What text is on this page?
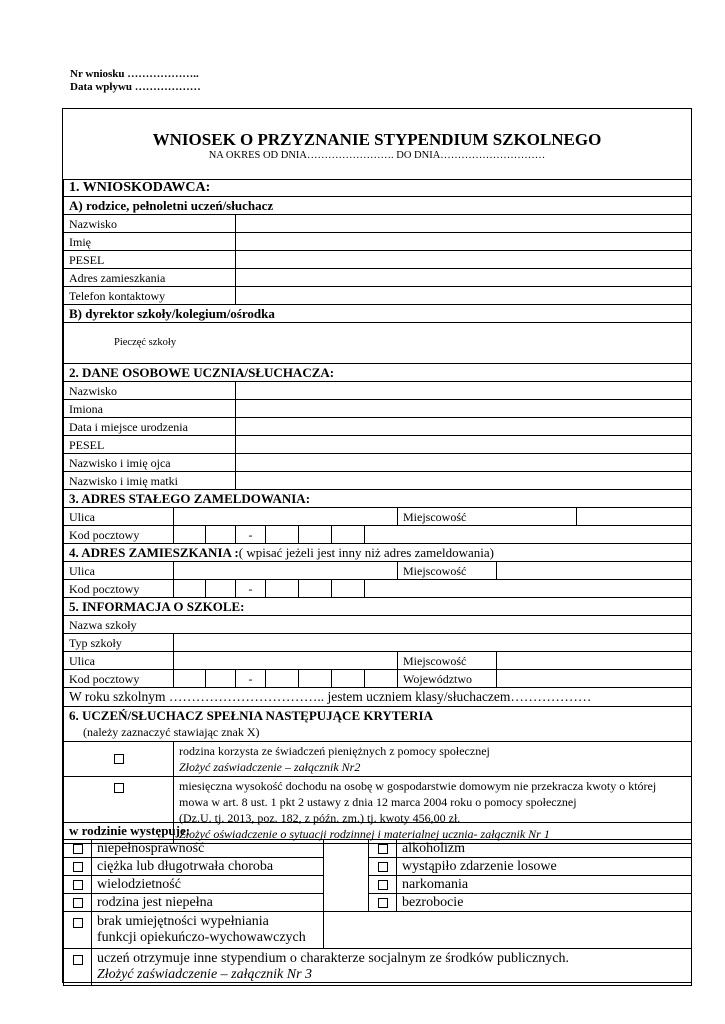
Nr wniosku ………………..
Data wpływu ………………
WNIOSEK O PRZYZNANIE STYPENDIUM SZKOLNEGO
NA OKRES OD DNIA……………………. DO DNIA…………………………
1. WNIOSKODAWCA:										
A) rodzice, pełnoletni uczeń/słuchacz										
Nazwisko										
Imię										
PESEL										
Adres zamieszkania										
Telefon kontaktowy										
B) dyrektor szkoły/kolegium/ośrodka										
Pieczęć szkoły										
2. DANE OSOBOWE UCZNIA/SŁUCHACZA:										
Nazwisko										
Imiona										
Data i miejsce urodzenia										
PESEL										
Nazwisko i imię ojca										
Nazwisko i imię matki										
3. ADRES STAŁEGO ZAMELDOWANIA:										
Ulica								Miejscowość		
Kod pocztowy			-							
4. ADRES ZAMIESZKANIA :( wpisać jeżeli jest inny niż adres zameldowania)										
Ulica								Miejscowość		
Kod pocztowy			-							
5. INFORMACJA O SZKOLE:										
Nazwa szkoły										
Typ szkoły										
Ulica								Miejscowość		
Kod pocztowy			-					Województwo		
W roku szkolnym …………………………….. jestem uczniem klasy/słuchaczem………………										

6. UCZEŃ/SŁUCHACZ SPEŁNIA NASTĘPUJĄCE KRYTERIA
(należy zaznaczyć stawiając znak X)										

	rodzina korzysta ze świadczeń pieniężnych z pomocy społecznej
Złożyć zaświadczenie – załącznik Nr2									

	miesięczna wysokość dochodu na osobę w gospodarstwie domowym nie przekracza kwoty o której
mowa w art. 8 ust. 1 pkt 2 ustawy z dnia 12 marca 2004 roku o pomocy społecznej
(Dz.U. tj. 2013, poz. 182, z późn. zm.) tj. kwoty 456,00 zł.
Złożyć oświadczenie o sytuacji rodzinnej i materialnej ucznia- załącznik Nr 1									
w rodzinie występuje:				
	niepełnosprawność			alkoholizm
	ciężka lub długotrwała choroba			wystąpiło zdarzenie losowe
	wielodzietność			narkomania
	rodzina jest niepełna			bezrobocie

	brak umiejętności wypełniania
funkcji opiekuńczo-wychowawczych			

	uczeń otrzymuje inne stypendium o charakterze socjalnym ze środków publicznych.
Złożyć zaświadczenie – załącznik Nr 3			
